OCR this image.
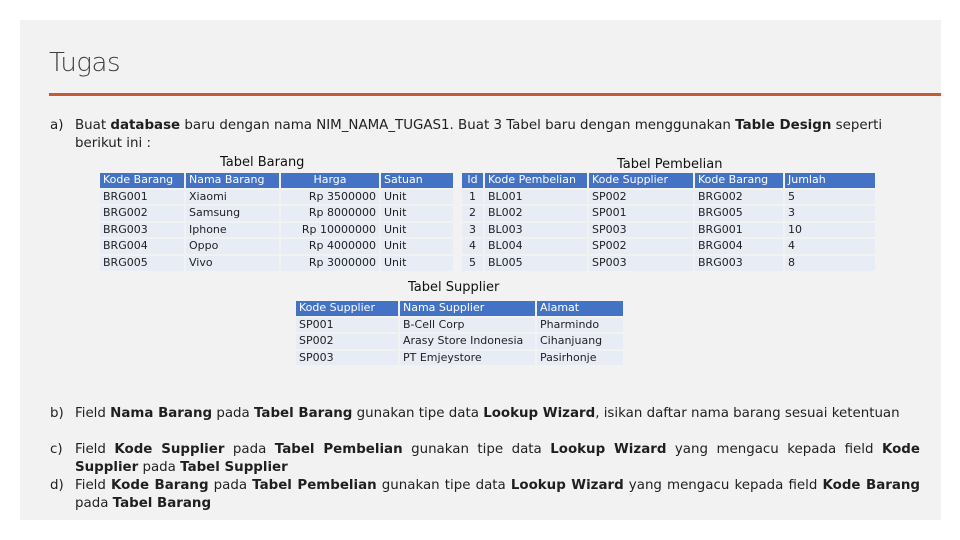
Tugas
a) Buat database baru dengan nama NIM_NAMA_TUGAS1. Buat 3 Tabel baru dengan menggunakan Table Design seperti berikut ini :
Tabel Barang
Kode Barang	Nama Barang	Harga	Satuan
BRG001	Xiaomi	Rp 3500000	Unit
BRG002	Samsung	Rp 8000000	Unit
BRG003	Iphone	Rp 10000000	Unit
BRG004	Oppo	Rp 4000000	Unit
BRG005	Vivo	Rp 3000000	Unit
Tabel Pembelian
Id	Kode Pembelian	Kode Supplier	Kode Barang	Jumlah
1	BL001	SP002	BRG002	5
2	BL002	SP001	BRG005	3
3	BL003	SP003	BRG001	10
4	BL004	SP002	BRG004	4
5	BL005	SP003	BRG003	8
Tabel Supplier
Kode Supplier	Nama Supplier	Alamat
SP001	B-Cell Corp	Pharmindo
SP002	Arasy Store Indonesia	Cihanjuang
SP003	PT Emjeystore	Pasirhonje
b) Field Nama Barang pada Tabel Barang gunakan tipe data Lookup Wizard, isikan daftar nama barang sesuai ketentuan
c) Field Kode Supplier pada Tabel Pembelian gunakan tipe data Lookup Wizard yang mengacu kepada field Kode Supplier pada Tabel Supplier
d) Field Kode Barang pada Tabel Pembelian gunakan tipe data Lookup Wizard yang mengacu kepada field Kode Barang pada Tabel Barang
